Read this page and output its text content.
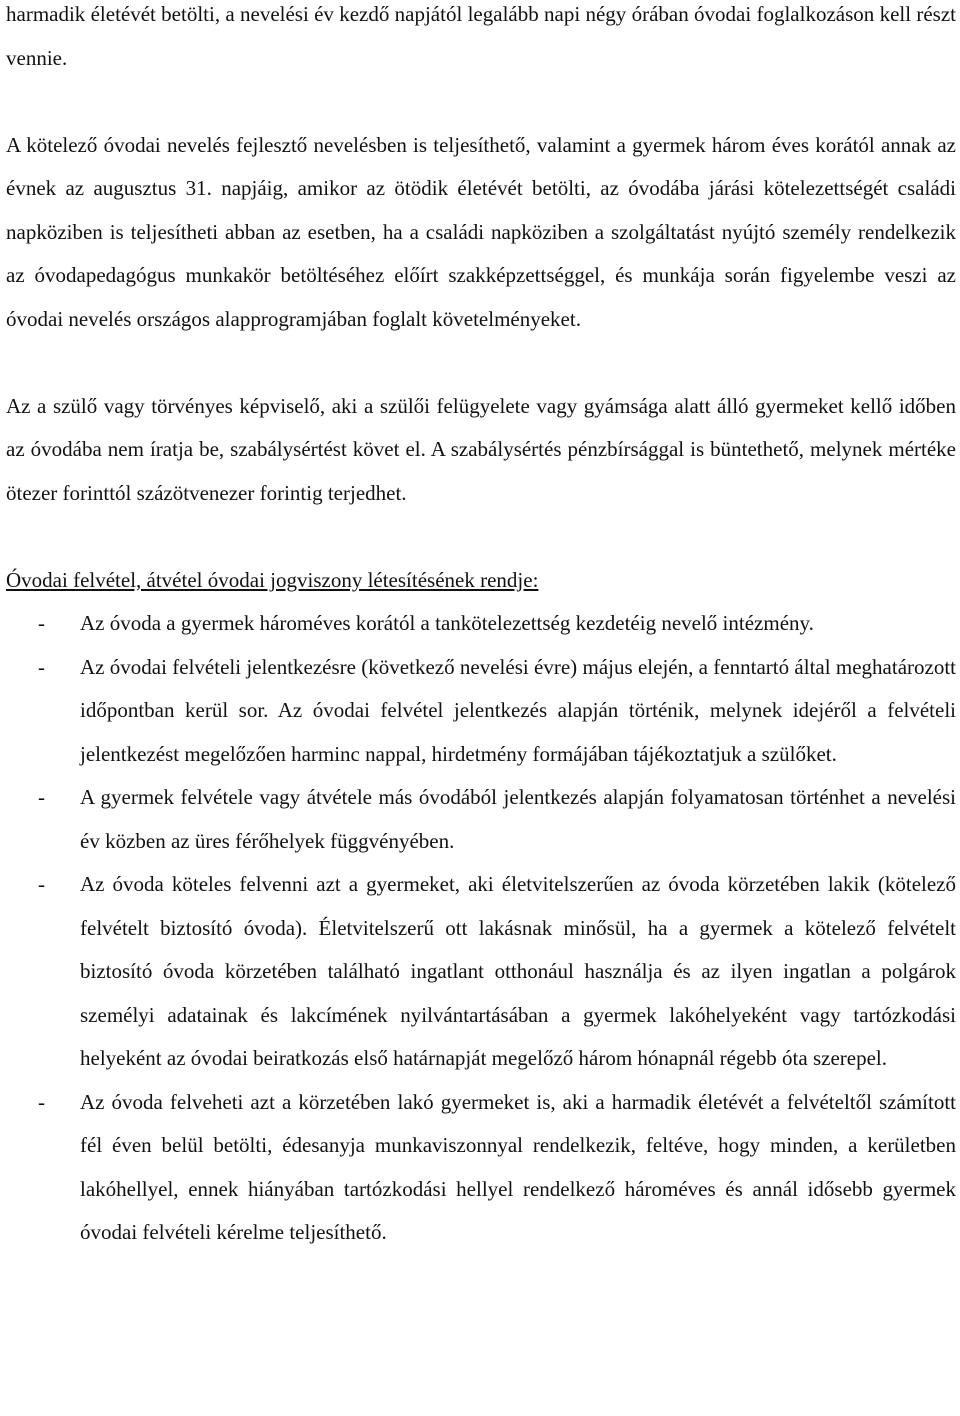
harmadik életévét betölti, a nevelési év kezdő napjától legalább napi négy órában óvodai foglalkozáson kell részt vennie.

A kötelező óvodai nevelés fejlesztő nevelésben is teljesíthető, valamint a gyermek három éves korától annak az évnek az augusztus 31. napjáig, amikor az ötödik életévét betölti, az óvodába járási kötelezettségét családi napköziben is teljesítheti abban az esetben, ha a családi napköziben a szolgáltatást nyújtó személy rendelkezik az óvodapedagógus munkakör betöltéséhez előírt szakképzettséggel, és munkája során figyelembe veszi az óvodai nevelés országos alapprogramjában foglalt követelményeket.

Az a szülő vagy törvényes képviselő, aki a szülői felügyelete vagy gyámsága alatt álló gyermeket kellő időben az óvodába nem íratja be, szabálysértést követ el. A szabálysértés pénzbírsággal is büntethető, melynek mértéke ötezer forinttól százötvenezer forintig terjedhet.

Óvodai felvétel, átvétel óvodai jogviszony létesítésének rendje:

- Az óvoda a gyermek hároméves korától a tankötelezettség kezdetéig nevelő intézmény.
- Az óvodai felvételi jelentkezésre (következő nevelési évre) május elején, a fenntartó által meghatározott időpontban kerül sor. Az óvodai felvétel jelentkezés alapján történik, melynek idejéről a felvételi jelentkezést megelőzően harminc nappal, hirdetmény formájában tájékoztatjuk a szülőket.
- A gyermek felvétele vagy átvétele más óvodából jelentkezés alapján folyamatosan történhet a nevelési év közben az üres férőhelyek függvényében.
- Az óvoda köteles felvenni azt a gyermeket, aki életvitelszerűen az óvoda körzetében lakik (kötelező felvételt biztosító óvoda). Életvitelszerű ott lakásnak minősül, ha a gyermek a kötelező felvételt biztosító óvoda körzetében található ingatlant otthonául használja és az ilyen ingatlan a polgárok személyi adatainak és lakcímének nyilvántartásában a gyermek lakóhelyeként vagy tartózkodási helyeként az óvodai beiratkozás első határnapját megelőző három hónapnál régebb óta szerepel.
- Az óvoda felveheti azt a körzetében lakó gyermeket is, aki a harmadik életévét a felvételtől számított fél éven belül betölti, édesanyja munkaviszonnyal rendelkezik, feltéve, hogy minden, a kerületben lakóhellyel, ennek hiányában tartózkodási hellyel rendelkező hároméves és annál idősebb gyermek óvodai felvételi kérelme teljesíthető.
